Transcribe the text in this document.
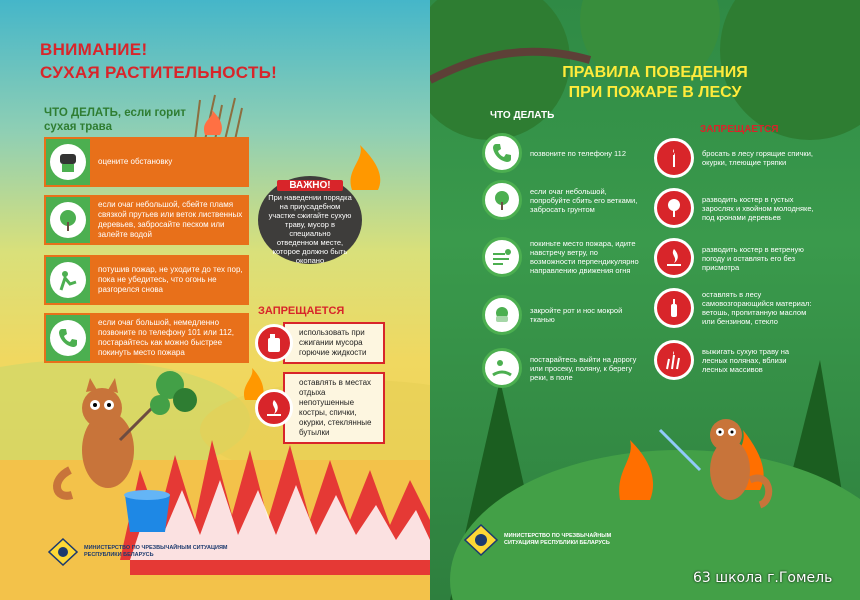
ВНИМАНИЕ!
СУХАЯ РАСТИТЕЛЬНОСТЬ!
ЧТО ДЕЛАТЬ, если горит сухая трава
оцените обстановку
если очаг небольшой, сбейте пламя связкой прутьев или веток лиственных деревьев, забросайте песком или залейте водой
потушив пожар, не уходите до тех пор, пока не убедитесь, что огонь не разгорелся снова
если очаг большой, немедленно позвоните по телефону 101 или 112, постарайтесь как можно быстрее покинуть место пожара
ВАЖНО!
При наведении порядка на приусадебном участке сжигайте сухую траву, мусор в специально отведенном месте, которое должно быть окопано
ЗАПРЕЩАЕТСЯ
использовать при сжигании мусора горючие жидкости
оставлять в местах отдыха непотушенные костры, спички, окурки, стеклянные бутылки
МИНИСТЕРСТВО ПО ЧРЕЗВЫЧАЙНЫМ СИТУАЦИЯМ РЕСПУБЛИКИ БЕЛАРУСЬ
ПРАВИЛА ПОВЕДЕНИЯ
ПРИ ПОЖАРЕ В ЛЕСУ
ЧТО ДЕЛАТЬ
ЗАПРЕЩАЕТСЯ
позвоните по телефону 112
если очаг небольшой, попробуйте сбить его ветками, забросать грунтом
покиньте место пожара, идите навстречу ветру, по возможности перпендикулярно направлению движения огня
закройте рот и нос мокрой тканью
постарайтесь выйти на дорогу или просеку, поляну, к берегу реки, в поле
бросать в лесу горящие спички, окурки, тлеющие тряпки
разводить костер в густых зарослях и хвойном молодняке, под кронами деревьев
разводить костер в ветреную погоду и оставлять его без присмотра
оставлять в лесу самовозгорающийся материал: ветошь, пропитанную маслом или бензином, стекло
выжигать сухую траву на лесных полянах, вблизи лесных массивов
МИНИСТЕРСТВО ПО ЧРЕЗВЫЧАЙНЫМ СИТУАЦИЯМ РЕСПУБЛИКИ БЕЛАРУСЬ
63 школа г.Гомель
